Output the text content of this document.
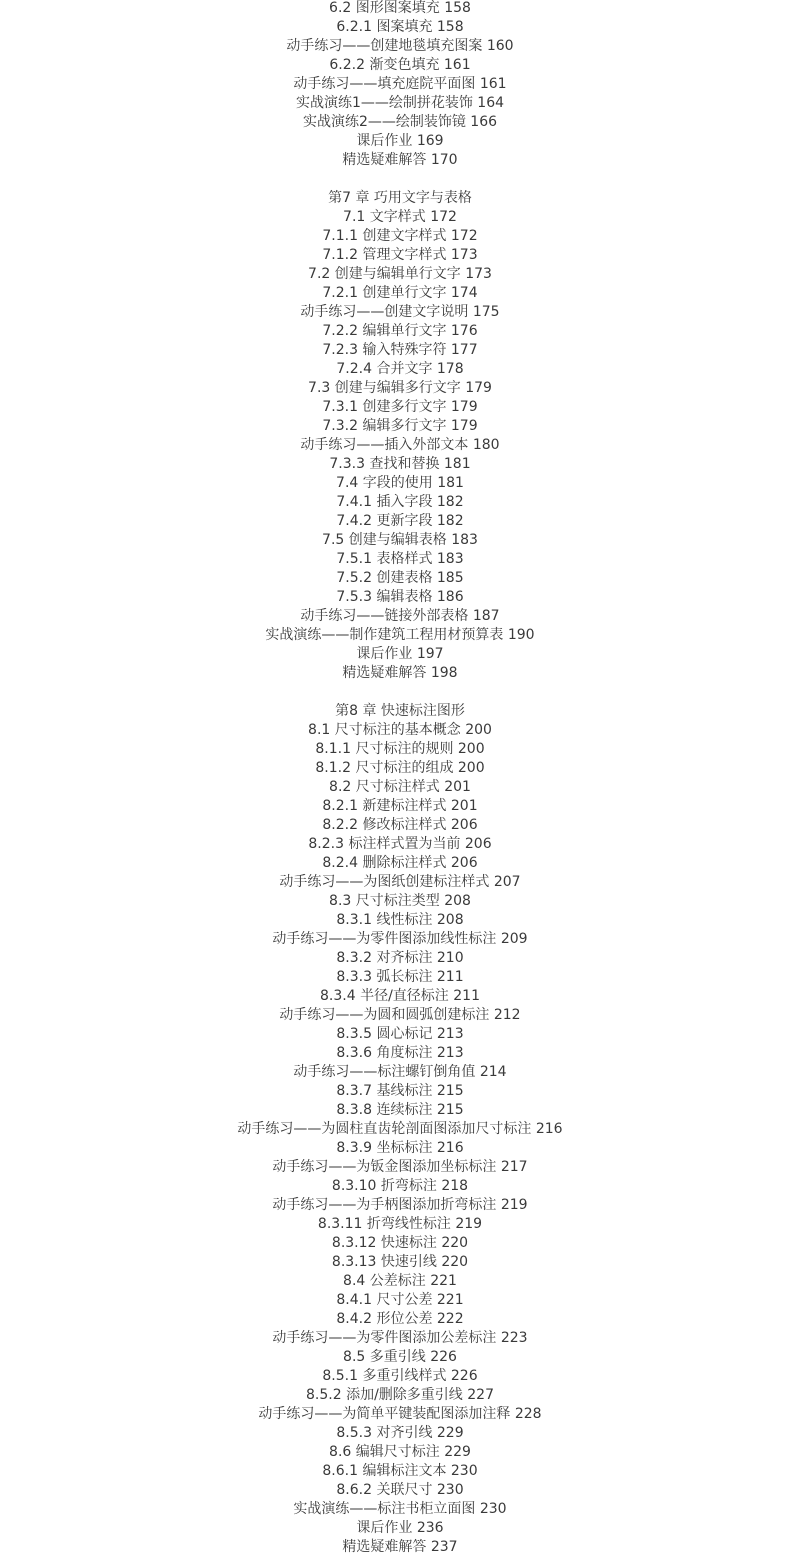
6.2 图形图案填充 158
6.2.1 图案填充 158
动手练习——创建地毯填充图案 160
6.2.2 渐变色填充 161
动手练习——填充庭院平面图 161
实战演练1——绘制拼花装饰 164
实战演练2——绘制装饰镜 166
课后作业 169
精选疑难解答 170
第7 章 巧用文字与表格
7.1 文字样式 172
7.1.1 创建文字样式 172
7.1.2 管理文字样式 173
7.2 创建与编辑单行文字 173
7.2.1 创建单行文字 174
动手练习——创建文字说明 175
7.2.2 编辑单行文字 176
7.2.3 输入特殊字符 177
7.2.4 合并文字 178
7.3 创建与编辑多行文字 179
7.3.1 创建多行文字 179
7.3.2 编辑多行文字 179
动手练习——插入外部文本 180
7.3.3 查找和替换 181
7.4 字段的使用 181
7.4.1 插入字段 182
7.4.2 更新字段 182
7.5 创建与编辑表格 183
7.5.1 表格样式 183
7.5.2 创建表格 185
7.5.3 编辑表格 186
动手练习——链接外部表格 187
实战演练——制作建筑工程用材预算表 190
课后作业 197
精选疑难解答 198
第8 章 快速标注图形
8.1 尺寸标注的基本概念 200
8.1.1 尺寸标注的规则 200
8.1.2 尺寸标注的组成 200
8.2 尺寸标注样式 201
8.2.1 新建标注样式 201
8.2.2 修改标注样式 206
8.2.3 标注样式置为当前 206
8.2.4 删除标注样式 206
动手练习——为图纸创建标注样式 207
8.3 尺寸标注类型 208
8.3.1 线性标注 208
动手练习——为零件图添加线性标注 209
8.3.2 对齐标注 210
8.3.3 弧长标注 211
8.3.4 半径/直径标注 211
动手练习——为圆和圆弧创建标注 212
8.3.5 圆心标记 213
8.3.6 角度标注 213
动手练习——标注螺钉倒角值 214
8.3.7 基线标注 215
8.3.8 连续标注 215
动手练习——为圆柱直齿轮剖面图添加尺寸标注 216
8.3.9 坐标标注 216
动手练习——为钣金图添加坐标标注 217
8.3.10 折弯标注 218
动手练习——为手柄图添加折弯标注 219
8.3.11 折弯线性标注 219
8.3.12 快速标注 220
8.3.13 快速引线 220
8.4 公差标注 221
8.4.1 尺寸公差 221
8.4.2 形位公差 222
动手练习——为零件图添加公差标注 223
8.5 多重引线 226
8.5.1 多重引线样式 226
8.5.2 添加/删除多重引线 227
动手练习——为简单平键装配图添加注释 228
8.5.3 对齐引线 229
8.6 编辑尺寸标注 229
8.6.1 编辑标注文本 230
8.6.2 关联尺寸 230
实战演练——标注书柜立面图 230
课后作业 236
精选疑难解答 237
